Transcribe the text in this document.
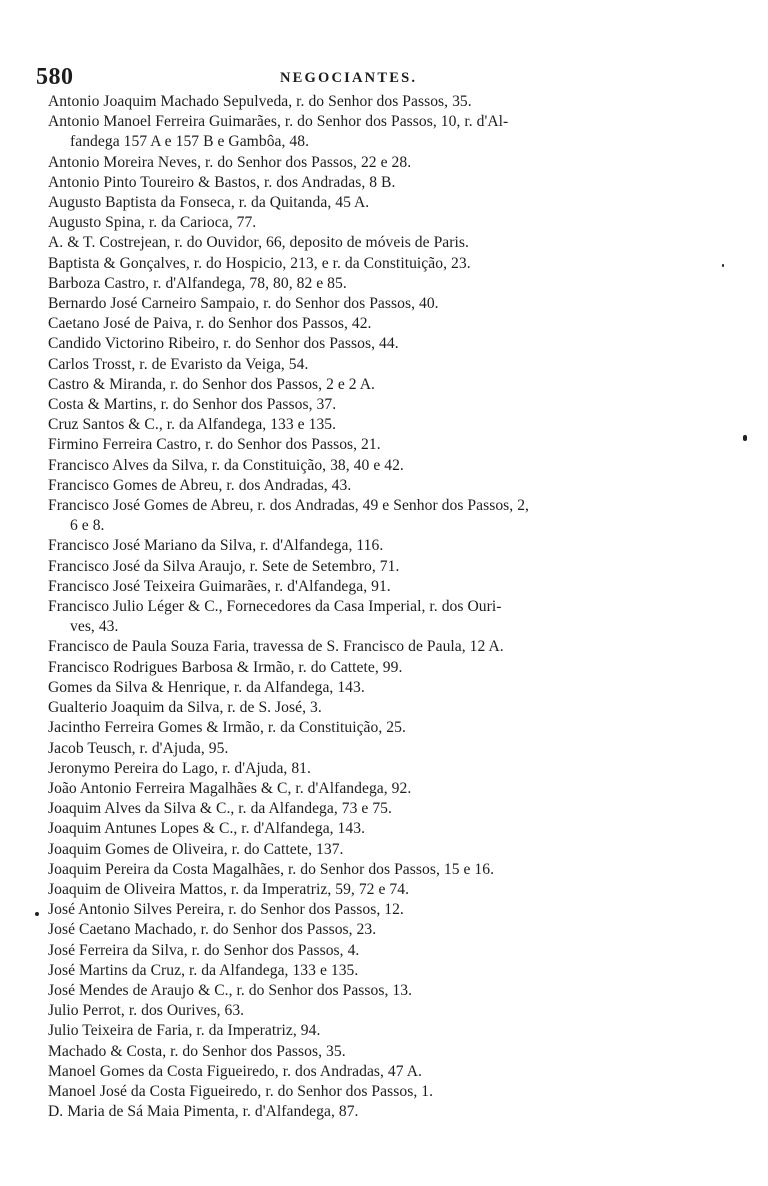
580	NEGOCIANTES.
Antonio Joaquim Machado Sepulveda, r. do Senhor dos Passos, 35.
Antonio Manoel Ferreira Guimarães, r. do Senhor dos Passos, 10, r. d'Al-
fandega 157 A e 157 B e Gambôa, 48.
Antonio Moreira Neves, r. do Senhor dos Passos, 22 e 28.
Antonio Pinto Toureiro & Bastos, r. dos Andradas, 8 B.
Augusto Baptista da Fonseca, r. da Quitanda, 45 A.
Augusto Spina, r. da Carioca, 77.
A. & T. Costrejean, r. do Ouvidor, 66, deposito de móveis de Paris.
Baptista & Gonçalves, r. do Hospicio, 213, e r. da Constituição, 23.
Barboza Castro, r. d'Alfandega, 78, 80, 82 e 85.
Bernardo José Carneiro Sampaio, r. do Senhor dos Passos, 40.
Caetano José de Paiva, r. do Senhor dos Passos, 42.
Candido Victorino Ribeiro, r. do Senhor dos Passos, 44.
Carlos Trosst, r. de Evaristo da Veiga, 54.
Castro & Miranda, r. do Senhor dos Passos, 2 e 2 A.
Costa & Martins, r. do Senhor dos Passos, 37.
Cruz Santos & C., r. da Alfandega, 133 e 135.
Firmino Ferreira Castro, r. do Senhor dos Passos, 21.
Francisco Alves da Silva, r. da Constituição, 38, 40 e 42.
Francisco Gomes de Abreu, r. dos Andradas, 43.
Francisco José Gomes de Abreu, r. dos Andradas, 49 e Senhor dos Passos, 2,
6 e 8.
Francisco José Mariano da Silva, r. d'Alfandega, 116.
Francisco José da Silva Araujo, r. Sete de Setembro, 71.
Francisco José Teixeira Guimarães, r. d'Alfandega, 91.
Francisco Julio Léger & C., Fornecedores da Casa Imperial, r. dos Ouri-
ves, 43.
Francisco de Paula Souza Faria, travessa de S. Francisco de Paula, 12 A.
Francisco Rodrigues Barbosa & Irmão, r. do Cattete, 99.
Gomes da Silva & Henrique, r. da Alfandega, 143.
Gualterio Joaquim da Silva, r. de S. José, 3.
Jacintho Ferreira Gomes & Irmão, r. da Constituição, 25.
Jacob Teusch, r. d'Ajuda, 95.
Jeronymo Pereira do Lago, r. d'Ajuda, 81.
João Antonio Ferreira Magalhães & C, r. d'Alfandega, 92.
Joaquim Alves da Silva & C., r. da Alfandega, 73 e 75.
Joaquim Antunes Lopes & C., r. d'Alfandega, 143.
Joaquim Gomes de Oliveira, r. do Cattete, 137.
Joaquim Pereira da Costa Magalhães, r. do Senhor dos Passos, 15 e 16.
Joaquim de Oliveira Mattos, r. da Imperatriz, 59, 72 e 74.
José Antonio Silves Pereira, r. do Senhor dos Passos, 12.
José Caetano Machado, r. do Senhor dos Passos, 23.
José Ferreira da Silva, r. do Senhor dos Passos, 4.
José Martins da Cruz, r. da Alfandega, 133 e 135.
José Mendes de Araujo & C., r. do Senhor dos Passos, 13.
Julio Perrot, r. dos Ourives, 63.
Julio Teixeira de Faria, r. da Imperatriz, 94.
Machado & Costa, r. do Senhor dos Passos, 35.
Manoel Gomes da Costa Figueiredo, r. dos Andradas, 47 A.
Manoel José da Costa Figueiredo, r. do Senhor dos Passos, 1.
D. Maria de Sá Maia Pimenta, r. d'Alfandega, 87.
